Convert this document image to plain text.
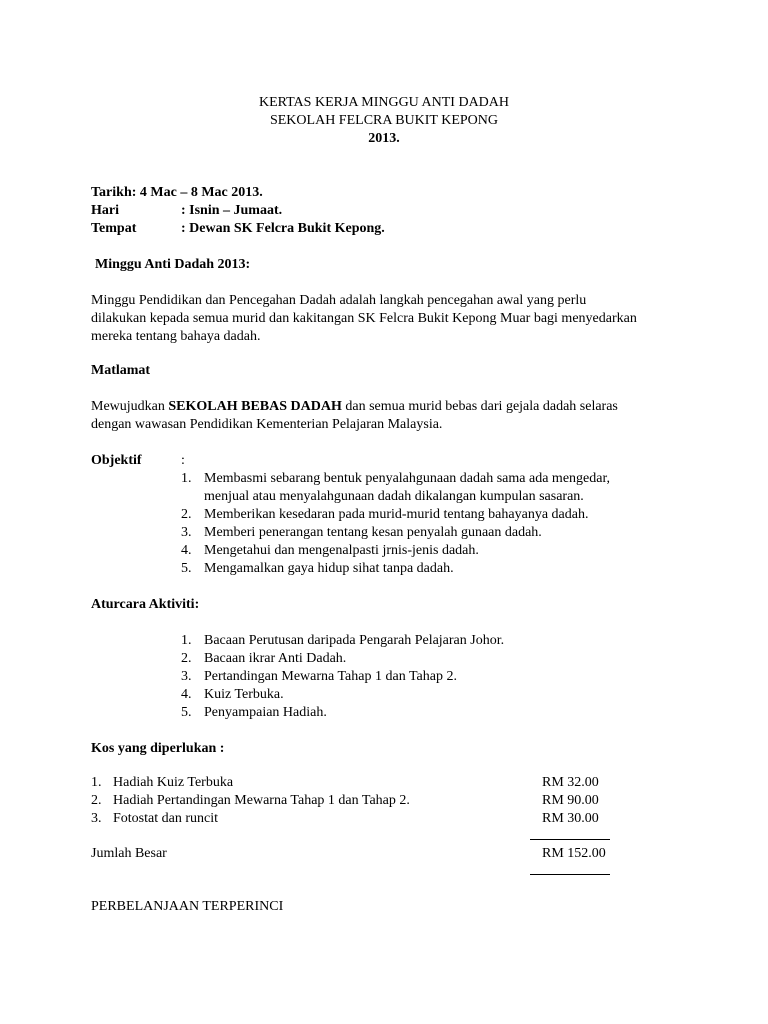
KERTAS KERJA MINGGU ANTI DADAH
SEKOLAH FELCRA BUKIT KEPONG
2013.
Tarikh: 4 Mac – 8 Mac 2013.
Hari	: Isnin – Jumaat.
Tempat	: Dewan SK Felcra Bukit Kepong.
Minggu Anti Dadah 2013:
Minggu Pendidikan dan Pencegahan Dadah adalah langkah pencegahan awal yang perlu
dilakukan kepada semua murid dan kakitangan SK Felcra Bukit Kepong Muar bagi menyedarkan
mereka tentang bahaya dadah.
Matlamat
Mewujudkan SEKOLAH BEBAS DADAH dan semua murid bebas dari gejala dadah selaras
dengan wawasan Pendidikan Kementerian Pelajaran Malaysia.
Objektif	:
1. Membasmi sebarang bentuk penyalahgunaan dadah sama ada mengedar,
menjual atau menyalahgunaan dadah dikalangan kumpulan sasaran.
2. Memberikan kesedaran pada murid-murid tentang bahayanya dadah.
3. Memberi penerangan tentang kesan penyalah gunaan dadah.
4. Mengetahui dan mengenalpasti jrnis-jenis dadah.
5. Mengamalkan gaya hidup sihat tanpa dadah.
Aturcara Aktiviti:
1. Bacaan Perutusan daripada Pengarah Pelajaran Johor.
2. Bacaan ikrar Anti Dadah.
3. Pertandingan Mewarna Tahap 1 dan Tahap 2.
4. Kuiz Terbuka.
5. Penyampaian Hadiah.
Kos yang diperlukan :
1. Hadiah Kuiz Terbuka	RM 32.00
2. Hadiah Pertandingan Mewarna Tahap 1 dan Tahap 2.	RM 90.00
3. Fotostat dan runcit	RM 30.00
Jumlah Besar	RM 152.00
PERBELANJAAN TERPERINCI
